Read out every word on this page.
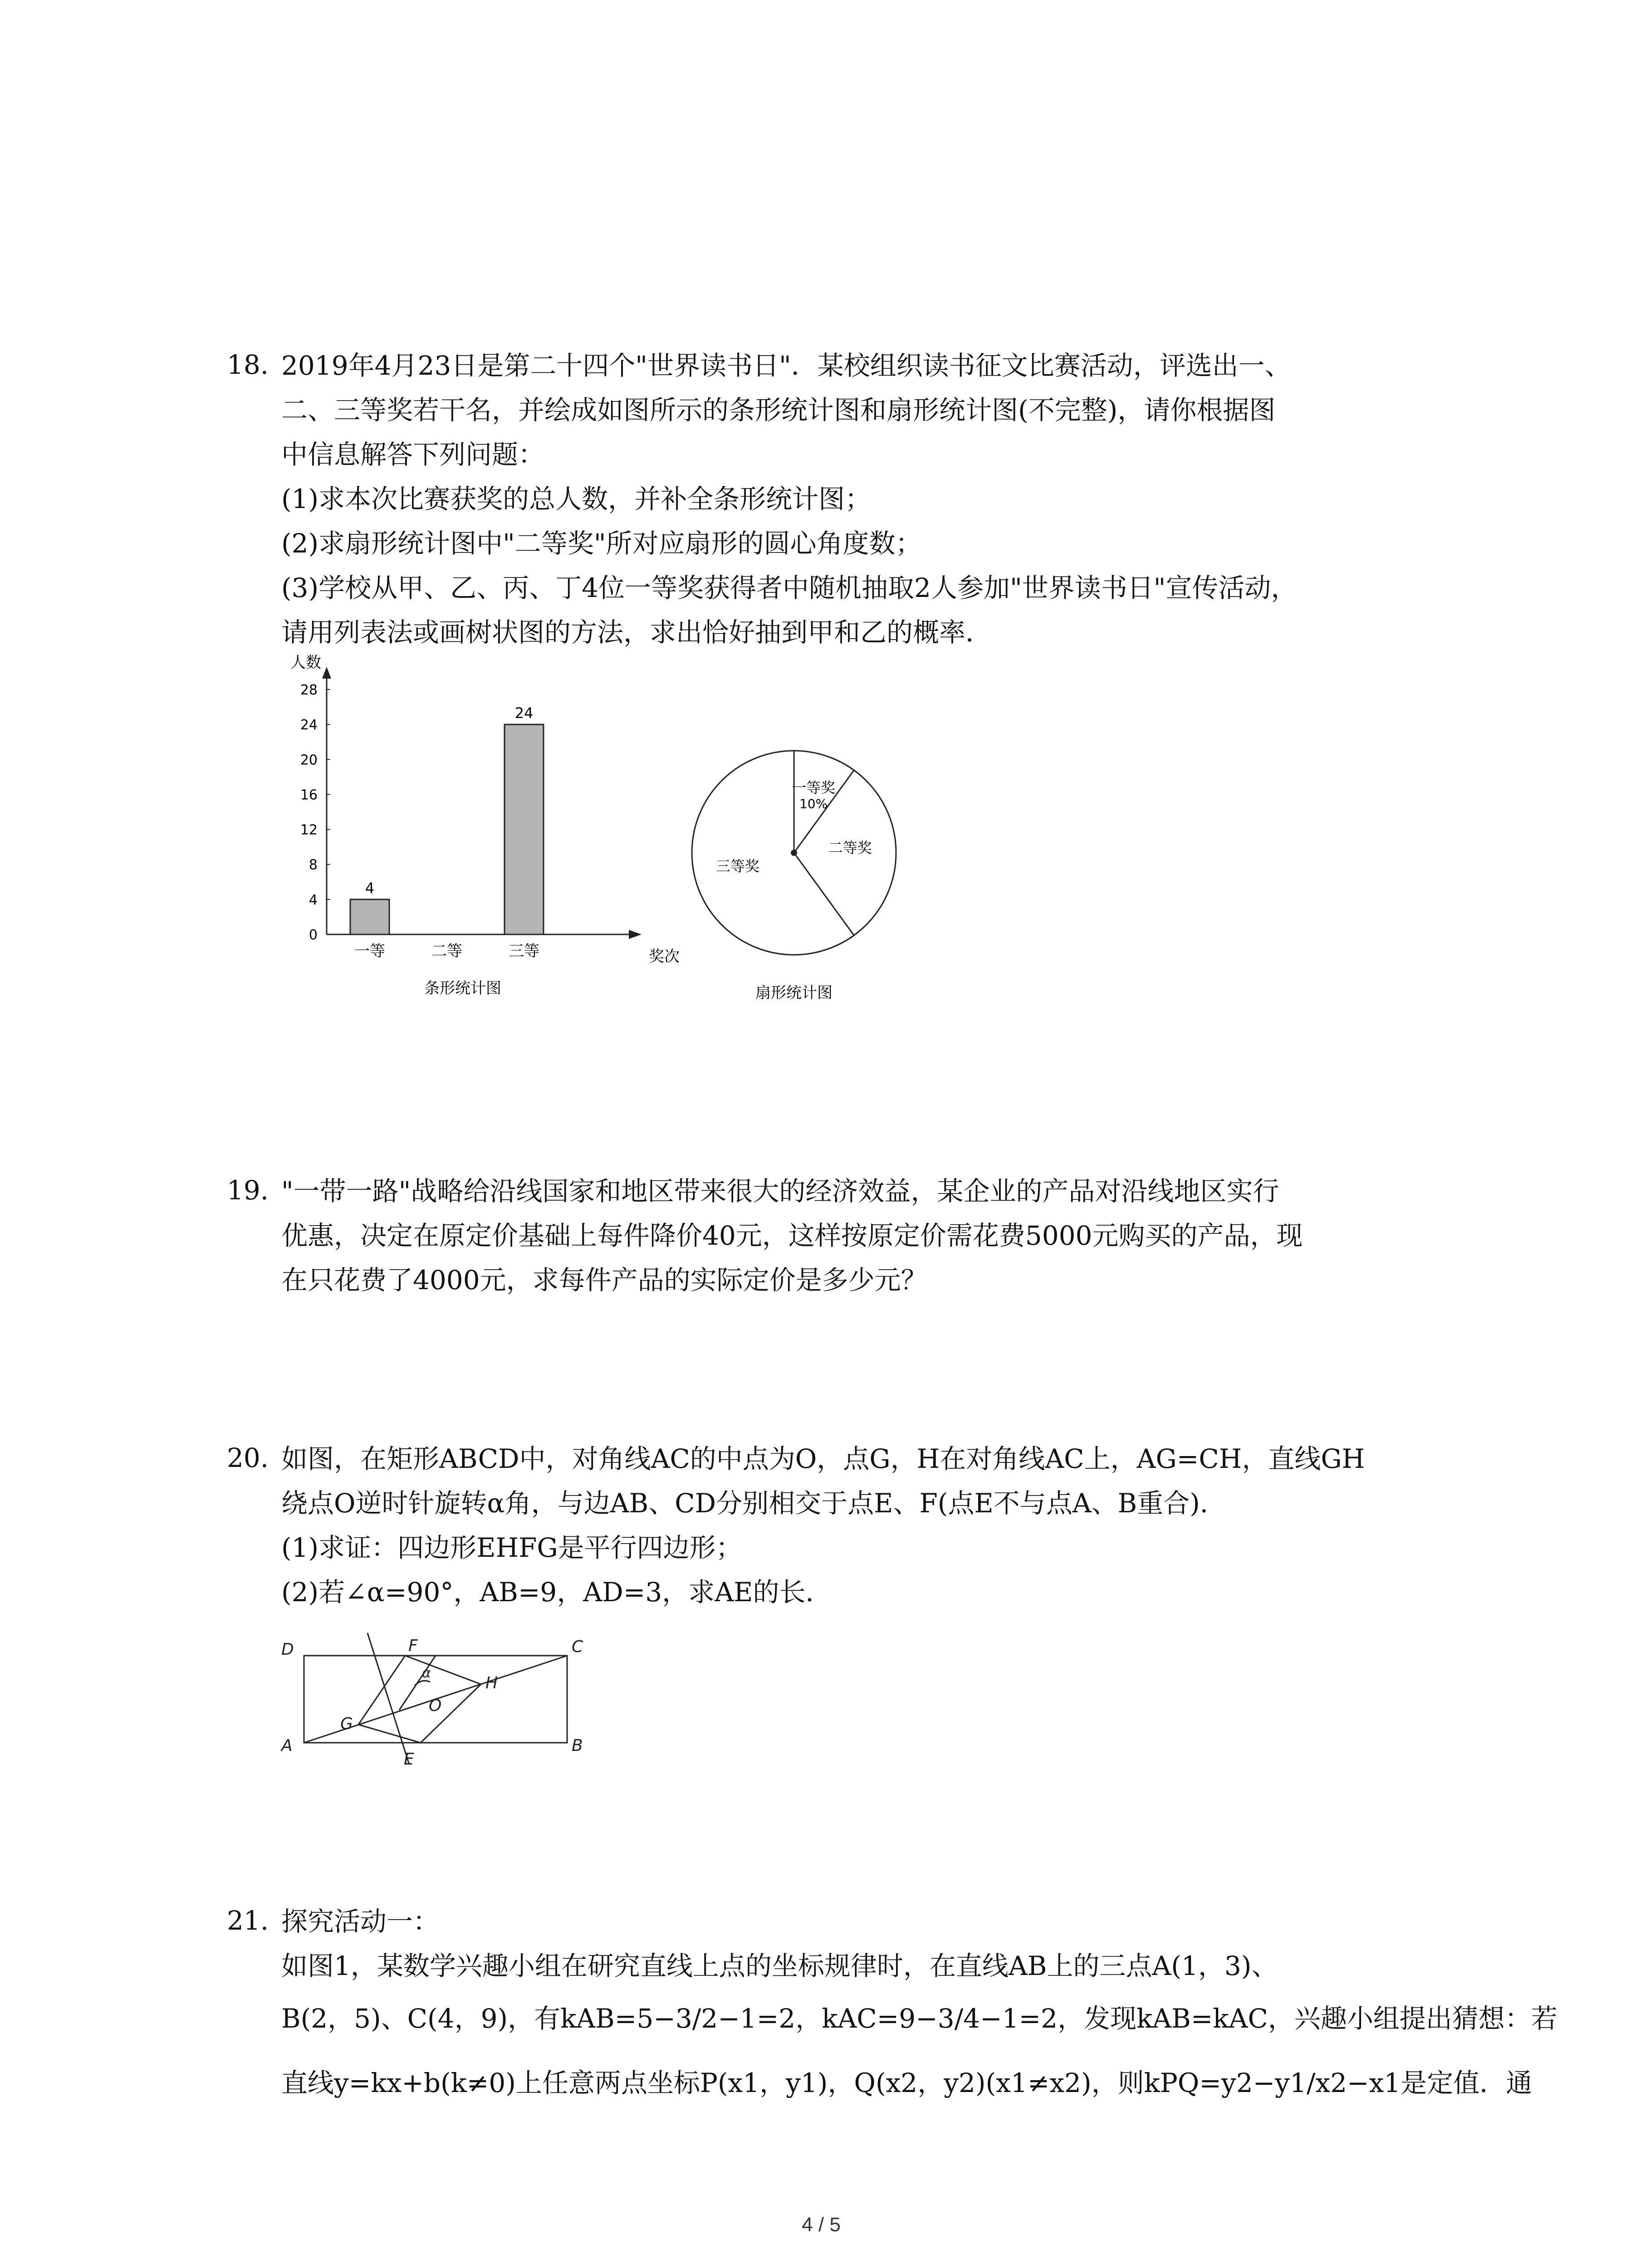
18. 2019年4月23日是第二十四个"世界读书日"．某校组织读书征文比赛活动，评选出一、
二、三等奖若干名，并绘成如图所示的条形统计图和扇形统计图(不完整)，请你根据图
中信息解答下列问题：
(1)求本次比赛获奖的总人数，并补全条形统计图；
(2)求扇形统计图中"二等奖"所对应扇形的圆心角度数；
(3)学校从甲、乙、丙、丁4位一等奖获得者中随机抽取2人参加"世界读书日"宣传活动，
请用列表法或画树状图的方法，求出恰好抽到甲和乙的概率．
人数
奖次
0
4
8
12
16
20
24
28
4
一等	二等
24
三等
条形统计图
一等奖
10%
二等奖
三等奖
扇形统计图
19. "一带一路"战略给沿线国家和地区带来很大的经济效益，某企业的产品对沿线地区实行
优惠，决定在原定价基础上每件降价40元，这样按原定价需花费5000元购买的产品，现
在只花费了4000元，求每件产品的实际定价是多少元？
20. 如图，在矩形ABCD中，对角线AC的中点为O，点G，H在对角线AC上，AG=CH，直线GH
绕点O逆时针旋转α角，与边AB、CD分别相交于点E、F(点E不与点A、B重合)．
(1)求证：四边形EHFG是平行四边形；
(2)若∠α=90°，AB=9，AD=3，求AE的长．
D	C
A	B
F
E
G
H
O
α
21. 探究活动一：
如图1，某数学兴趣小组在研究直线上点的坐标规律时，在直线AB上的三点A(1，3)、
B(2，5)、C(4，9)，有kAB=5−3/2−1=2，kAC=9−3/4−1=2，发现kAB=kAC，兴趣小组提出猜想：若
直线y=kx+b(k≠0)上任意两点坐标P(x1，y1)，Q(x2，y2)(x1≠x2)，则kPQ=y2−y1/x2−x1是定值．通
4 / 5
